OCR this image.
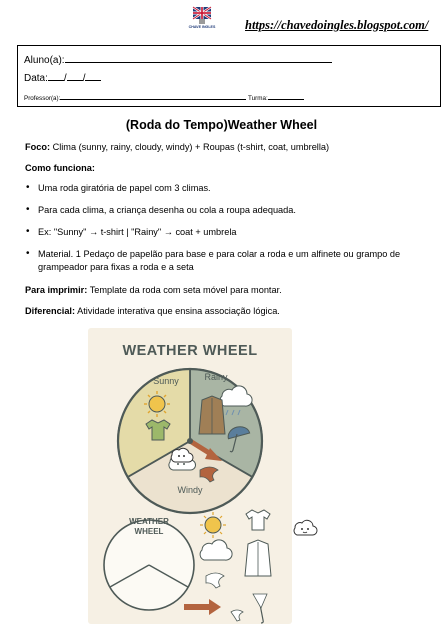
CHAVE INGLES https://chavedoingles.blogspot.com/
Aluno(a):
Data: / /
Professor(a):	Turma:
(Roda do Tempo)Weather Wheel
Foco: Clima (sunny, rainy, cloudy, windy) + Roupas (t-shirt, coat, umbrella)
Como funciona:
• Uma roda giratória de papel com 3 climas.
• Para cada clima, a criança desenha ou cola a roupa adequada.
• Ex: "Sunny" → t-shirt | "Rainy" → coat + umbrela
• Material. 1 Pedaço de papelão para base e para colar a roda e um alfinete ou grampo de grampeador para fixas a roda e a seta
Para imprimir: Template da roda com seta móvel para montar.
Diferencial: Atividade interativa que ensina associação lógica.
WEATHER WHEEL
Sunny	Rainy
Windy
WEATHER
WHEEL
